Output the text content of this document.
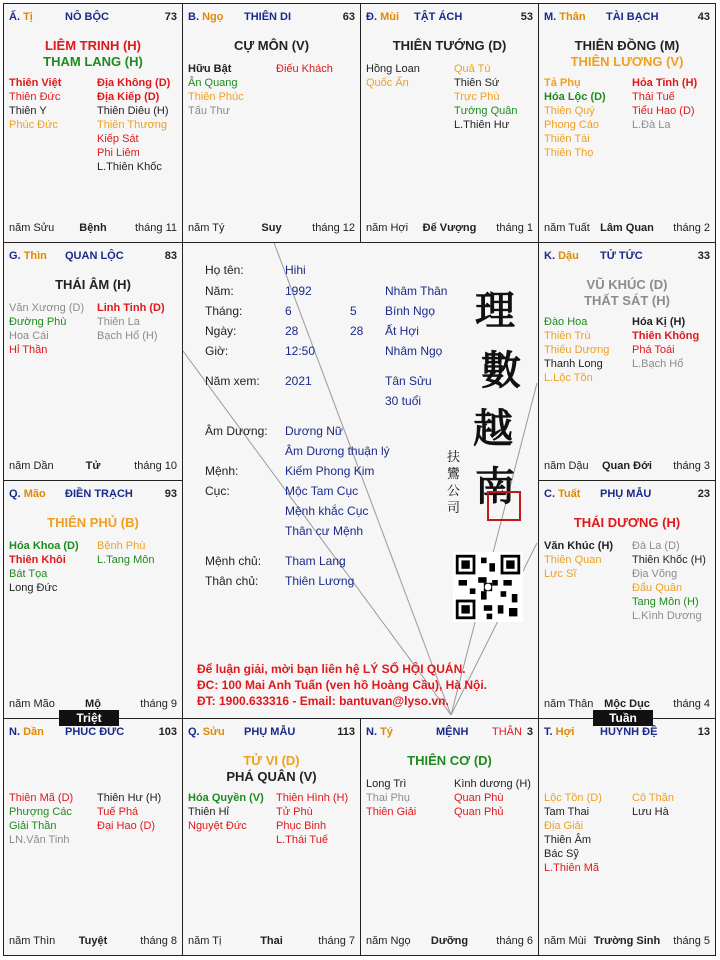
Ấ. Tị	NÔ BỘC	73
LIÊM TRINH (H)
THAM LANG (H)
Thiên Việt
Thiên Đức
Thiên Y
Phúc Đức
Địa Không (D)
Địa Kiếp (D)
Thiên Diêu (H)
Thiên Thương
Kiếp Sát
Phi Liêm
L.Thiên Khốc
năm Sửu	Bệnh	tháng 11
B. Ngọ THIÊN DI	63
CỰ MÔN (V)
Hữu Bật
Ân Quang
Thiên Phúc
Tấu Thư
Điếu Khách
năm Tý	Suy	tháng 12
Đ. Mùi TẬT ÁCH	53
THIÊN TƯỚNG (D)
Hồng Loan
Quốc Ấn
Quả Tú
Thiên Sứ
Trực Phù
Tướng Quân
L.Thiên Hư
năm Hợi	Đế Vượng	tháng 1
M. Thân TÀI BẠCH	43
THIÊN ĐỒNG (M)
THIÊN LƯƠNG (V)
Tả Phụ
Hóa Lộc (D)
Thiên Quý
Phong Cáo
Thiên Tài
Thiên Thọ
Hỏa Tinh (H)
Thái Tuế
Tiểu Hao (D)
L.Đà La
năm Tuất Lâm Quan	tháng 2
G. Thìn QUAN LỘC	83
THÁI ÂM (H)
Văn Xương (D)
Đường Phù
Hoa Cái
Hỉ Thần
Linh Tinh (D)
Thiên La
Bạch Hổ (H)
năm Dần	Tử	tháng 10
K. Dậu TỬ TỨC	33
VŨ KHÚC (D)
THẤT SÁT (H)
Đào Hoa
Thiên Trù
Thiếu Dương
Thanh Long
L.Lộc Tồn
Hóa Kị (H)
Thiên Không
Phá Toái
L.Bạch Hổ
năm Dậu	Quan Đới	tháng 3
Q. Mão ĐIỀN TRẠCH	93
THIÊN PHỦ (B)
Hóa Khoa (D)
Thiên Khôi
Bát Tọa
Long Đức
Bệnh Phù
L.Tang Môn
năm Mão	Mộ	tháng 9
C. Tuất PHỤ MẪU	23
THÁI DƯƠNG (H)
Văn Khúc (H)
Thiên Quan
Lực Sĩ
Đà La (D)
Thiên Khốc (H)
Địa Võng
Đẩu Quân
Tang Môn (H)
L.Kình Dương
năm Thân Mộc Dục	tháng 4
N. Dần PHÚC ĐỨC	103
Thiên Mã (D)
Phượng Các
Giải Thần
LN.Văn Tinh
Thiên Hư (H)
Tuế Phá
Đại Hao (D)
năm Thìn	Tuyệt	tháng 8
Q. Sửu PHỤ MẪU	113
TỬ VI (D)
PHÁ QUÂN (V)
Hóa Quyền (V)
Thiên Hỉ
Nguyệt Đức
Thiên Hình (H)
Tử Phù
Phục Binh
L.Thái Tuế
năm Tị	Thai	tháng 7
N. Tý	MỆNH THÂN 3
THIÊN CƠ (D)
Long Trì
Thai Phụ
Thiên Giải
Kình dương (H)
Quan Phù
Quan Phủ
năm Ngọ	Dưỡng	tháng 6
T. Hợi HUYNH ĐỆ	13
Lộc Tồn (D)
Tam Thai
Địa Giải
Thiên Âm
Bác Sỹ
L.Thiên Mã
Cô Thần
Lưu Hà
năm Mùi Trường Sinh	tháng 5
Họ tên:	Hihi
Năm:	1992	Nhâm Thân
Tháng:	6	5 Bính Ngọ
Ngày:	28	28 Ất Hợi
Giờ:	12:50	Nhâm Ngọ
Năm xem: 2021	Tân Sửu
30 tuổi
Âm Dương: Dương Nữ
Âm Dương thuận lý
Mệnh:	Kiếm Phong Kim
Cục:	Mộc Tam Cục
Mệnh khắc Cục
Thân cư Mệnh
Mệnh chủ: Tham Lang
Thân chủ: Thiên Lương
理
數
越
南
扶
鸞
公
司
Để luận giải, mời bạn liên hệ LÝ SỐ HỘI QUÁN.
ĐC: 100 Mai Anh Tuấn (ven hồ Hoàng Cầu), Hà Nội.
ĐT: 1900.633316 - Email: bantuvan@lyso.vn.
Triệt	Tuần
